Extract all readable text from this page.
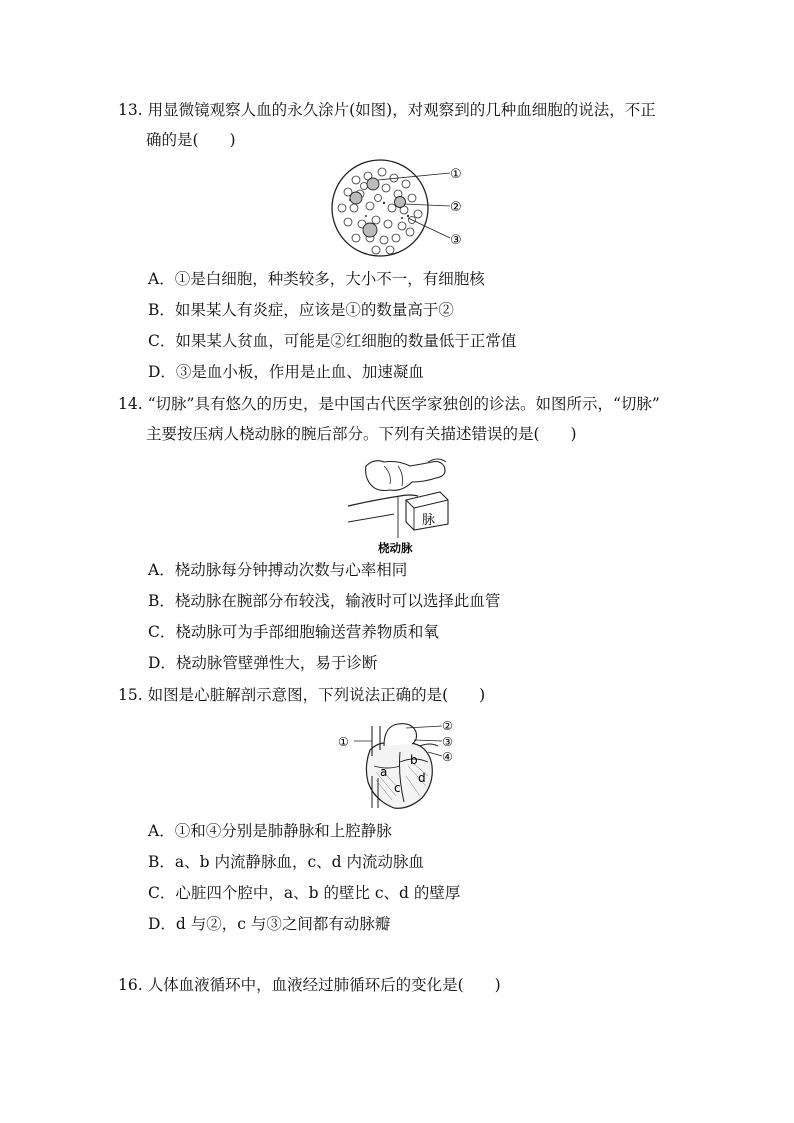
13. 用显微镜观察人血的永久涂片(如图)，对观察到的几种血细胞的说法，不正
确的是(　　)
①
②
③
A．①是白细胞，种类较多，大小不一，有细胞核
B．如果某人有炎症，应该是①的数量高于②
C．如果某人贫血，可能是②红细胞的数量低于正常值
D．③是血小板，作用是止血、加速凝血
14. “切脉”具有悠久的历史，是中国古代医学家独创的诊法。如图所示，“切脉”
主要按压病人桡动脉的腕后部分。下列有关描述错误的是(　　)
脉
桡动脉
A．桡动脉每分钟搏动次数与心率相同
B．桡动脉在腕部分布较浅，输液时可以选择此血管
C．桡动脉可为手部细胞输送营养物质和氧
D．桡动脉管壁弹性大，易于诊断
15. 如图是心脏解剖示意图，下列说法正确的是(　　)
①
②
③
④
a
b
c
d
A．①和④分别是肺静脉和上腔静脉
B．a、b 内流静脉血，c、d 内流动脉血
C．心脏四个腔中，a、b 的壁比 c、d 的壁厚
D．d 与②，c 与③之间都有动脉瓣
16. 人体血液循环中，血液经过肺循环后的变化是(　　)
